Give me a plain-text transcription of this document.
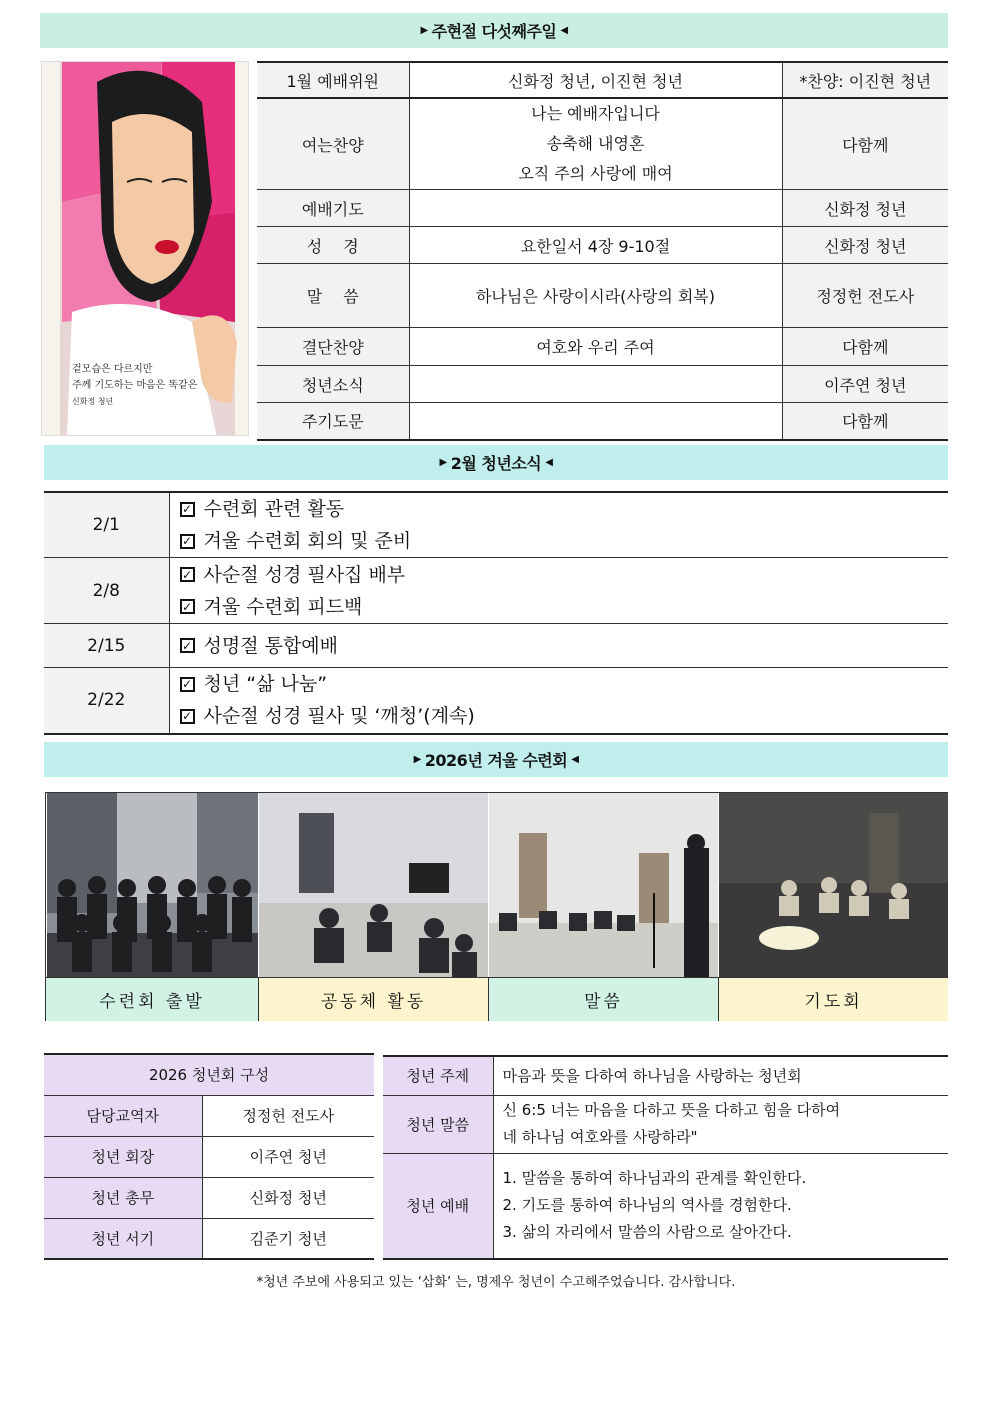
▶ 주현절 다섯째주일 ◀
겉모습은 다르지만
주께 기도하는 마음은 똑같은
신화정 청년
1월 예배위원	신화정 청년, 이진현 청년	*찬양: 이진현 청년
여는찬양	나는 예배자입니다
송축해 내영혼
오직 주의 사랑에 매여	다함께
예배기도		신화정 청년
성　 경	요한일서 4장 9-10절	신화정 청년
말　 씀	하나님은 사랑이시라(사랑의 회복)	정정헌 전도사
결단찬양	여호와 우리 주여	다함께
청년소식		이주연 청년
주기도문		다함께
▶ 2월 청년소식 ◀
2/1	✓ 수련회 관련 활동
✓ 겨울 수련회 회의 및 준비

2/8	✓ 사순절 성경 필사집 배부
✓ 겨울 수련회 피드백

2/15	✓ 성명절 통합예배

2/22	✓ 청년 “삶 나눔”
✓ 사순절 성경 필사 및 ‘깨청’(계속)
▶ 2026년 겨울 수련회 ◀
수련회 출발	공동체 활동	말씀	기도회
2026 청년회 구성	
담당교역자	정정헌 전도사
청년 회장	이주연 청년
청년 총무	신화정 청년
청년 서기	김준기 청년
청년 주제	마음과 뜻을 다하여 하나님을 사랑하는 청년회
청년 말씀	신 6:5 너는 마음을 다하고 뜻을 다하고 힘을 다하여
네 하나님 여호와를 사랑하라"

청년 예배	1. 말씀을 통하여 하나님과의 관계를 확인한다.
2. 기도를 통하여 하나님의 역사를 경험한다.
3. 삶의 자리에서 말씀의 사람으로 살아간다.
*청년 주보에 사용되고 있는 ‘삽화’ 는, 명제우 청년이 수고해주었습니다. 감사합니다.
